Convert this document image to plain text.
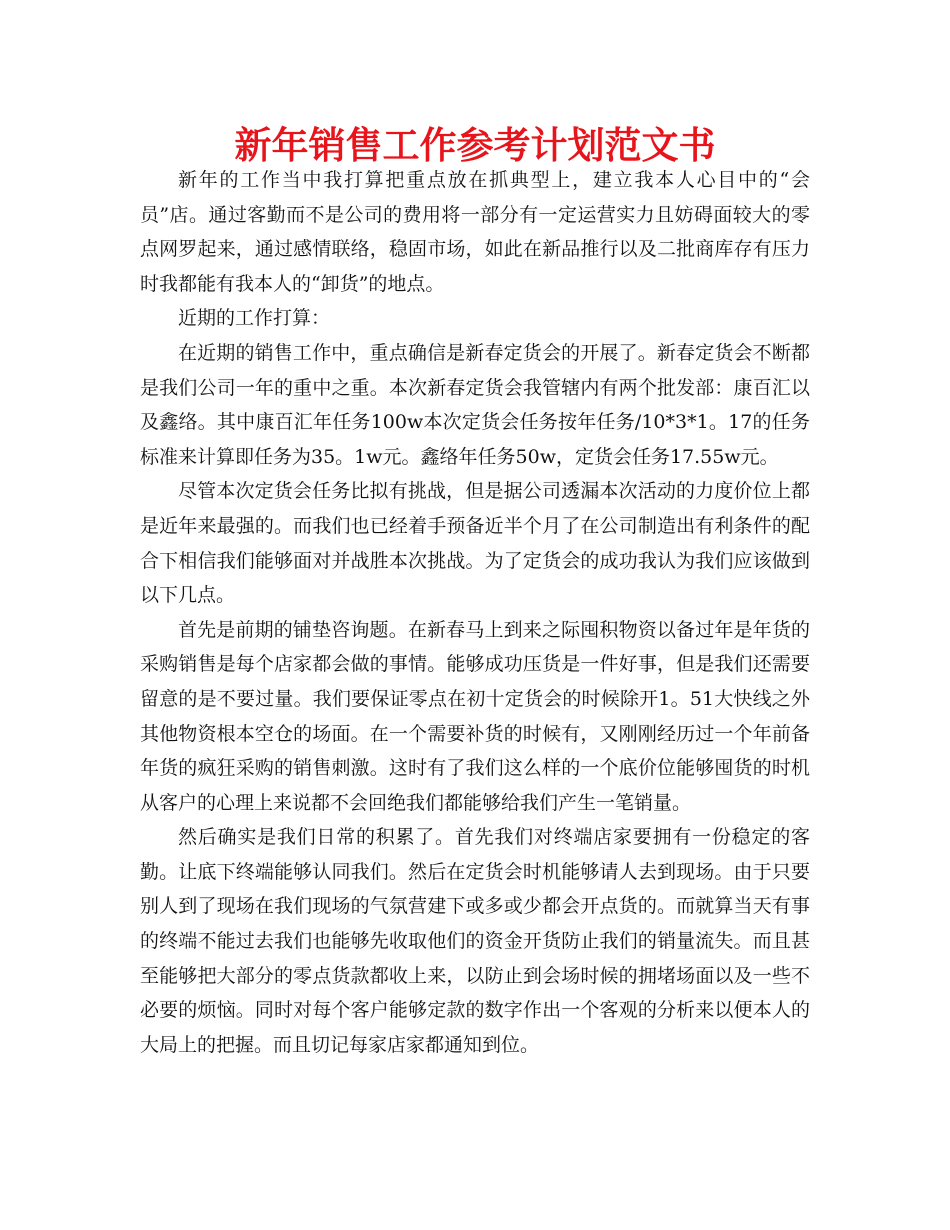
新年销售工作参考计划范文书

新年的工作当中我打算把重点放在抓典型上，建立我本人心目中的“会员”店。通过客勤而不是公司的费用将一部分有一定运营实力且妨碍面较大的零点网罗起来，通过感情联络，稳固市场，如此在新品推行以及二批商库存有压力时我都能有我本人的“卸货”的地点。

近期的工作打算：

在近期的销售工作中，重点确信是新春定货会的开展了。新春定货会不断都是我们公司一年的重中之重。本次新春定货会我管辖内有两个批发部：康百汇以及鑫络。其中康百汇年任务100w本次定货会任务按年任务/10*3*1。17的任务标准来计算即任务为35。1w元。鑫络年任务50w，定货会任务17.55w元。

尽管本次定货会任务比拟有挑战，但是据公司透漏本次活动的力度价位上都是近年来最强的。而我们也已经着手预备近半个月了在公司制造出有利条件的配合下相信我们能够面对并战胜本次挑战。为了定货会的成功我认为我们应该做到以下几点。

首先是前期的铺垫咨询题。在新春马上到来之际囤积物资以备过年是年货的采购销售是每个店家都会做的事情。能够成功压货是一件好事，但是我们还需要留意的是不要过量。我们要保证零点在初十定货会的时候除开1。51大快线之外其他物资根本空仓的场面。在一个需要补货的时候有，又刚刚经历过一个年前备年货的疯狂采购的销售刺激。这时有了我们这么样的一个底价位能够囤货的时机从客户的心理上来说都不会回绝我们都能够给我们产生一笔销量。

然后确实是我们日常的积累了。首先我们对终端店家要拥有一份稳定的客勤。让底下终端能够认同我们。然后在定货会时机能够请人去到现场。由于只要别人到了现场在我们现场的气氛营建下或多或少都会开点货的。而就算当天有事的终端不能过去我们也能够先收取他们的资金开货防止我们的销量流失。而且甚至能够把大部分的零点货款都收上来，以防止到会场时候的拥堵场面以及一些不必要的烦恼。同时对每个客户能够定款的数字作出一个客观的分析来以便本人的大局上的把握。而且切记每家店家都通知到位。
